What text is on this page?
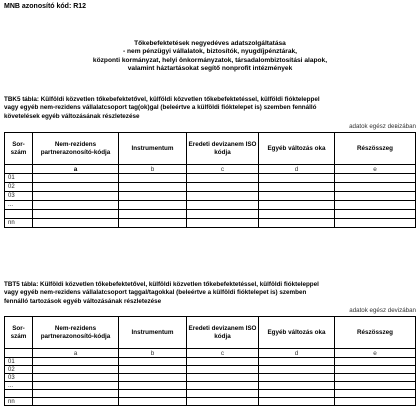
MNB azonosító kód: R12
Tőkebefektetések negyedéves adatszolgáltatása
- nem pénzügyi vállalatok, biztosítók, nyugdíjpénztárak,
központi kormányzat, helyi önkormányzatok, társadalombiztosítási alapok,
valamint háztartásokat segítő nonprofit intézmények
TBK5 tábla: Külföldi közvetlen tőkebefektetővel, külföldi közvetlen tőkebefektetéssel, külföldi fióktelеppel
vagy egyéb nem-rezidens vállalatcsoport tag(ok)gal (beleértve a külföldi fióktelepet is) szemben fennálló
követelések egyéb változásának részletezése
adatok egész dевizában
Sor-szám	Nem-rezidens partnerazonosító-kódja	Instrumentum	Eredeti devizanem ISO kódja	Egyéb változás oka	Részösszeg
	a	b	c	d	e
01					
02					
03					
...					

nn					
TBT5 tábla: Külföldi közvetlen tőkebefektetővel, külföldi közvetlen tőkebefektetéssel, külföldi fióktelеppel
vagy egyéb nem-rezidens vállalatcsoport taggal/tagokkal (beleértve a külföldi fióktelepet is) szemben
fennálló tartozások egyéb változásának részletezése
adatok egész devizában
Sor-szám	Nem-rezidens partnerazonosító-kódja	Instrumentum	Eredeti devizanem ISO kódja	Egyéb változás oka	Részösszeg
	a	b	c	d	e
01					
02					
03					
...					

nn					
